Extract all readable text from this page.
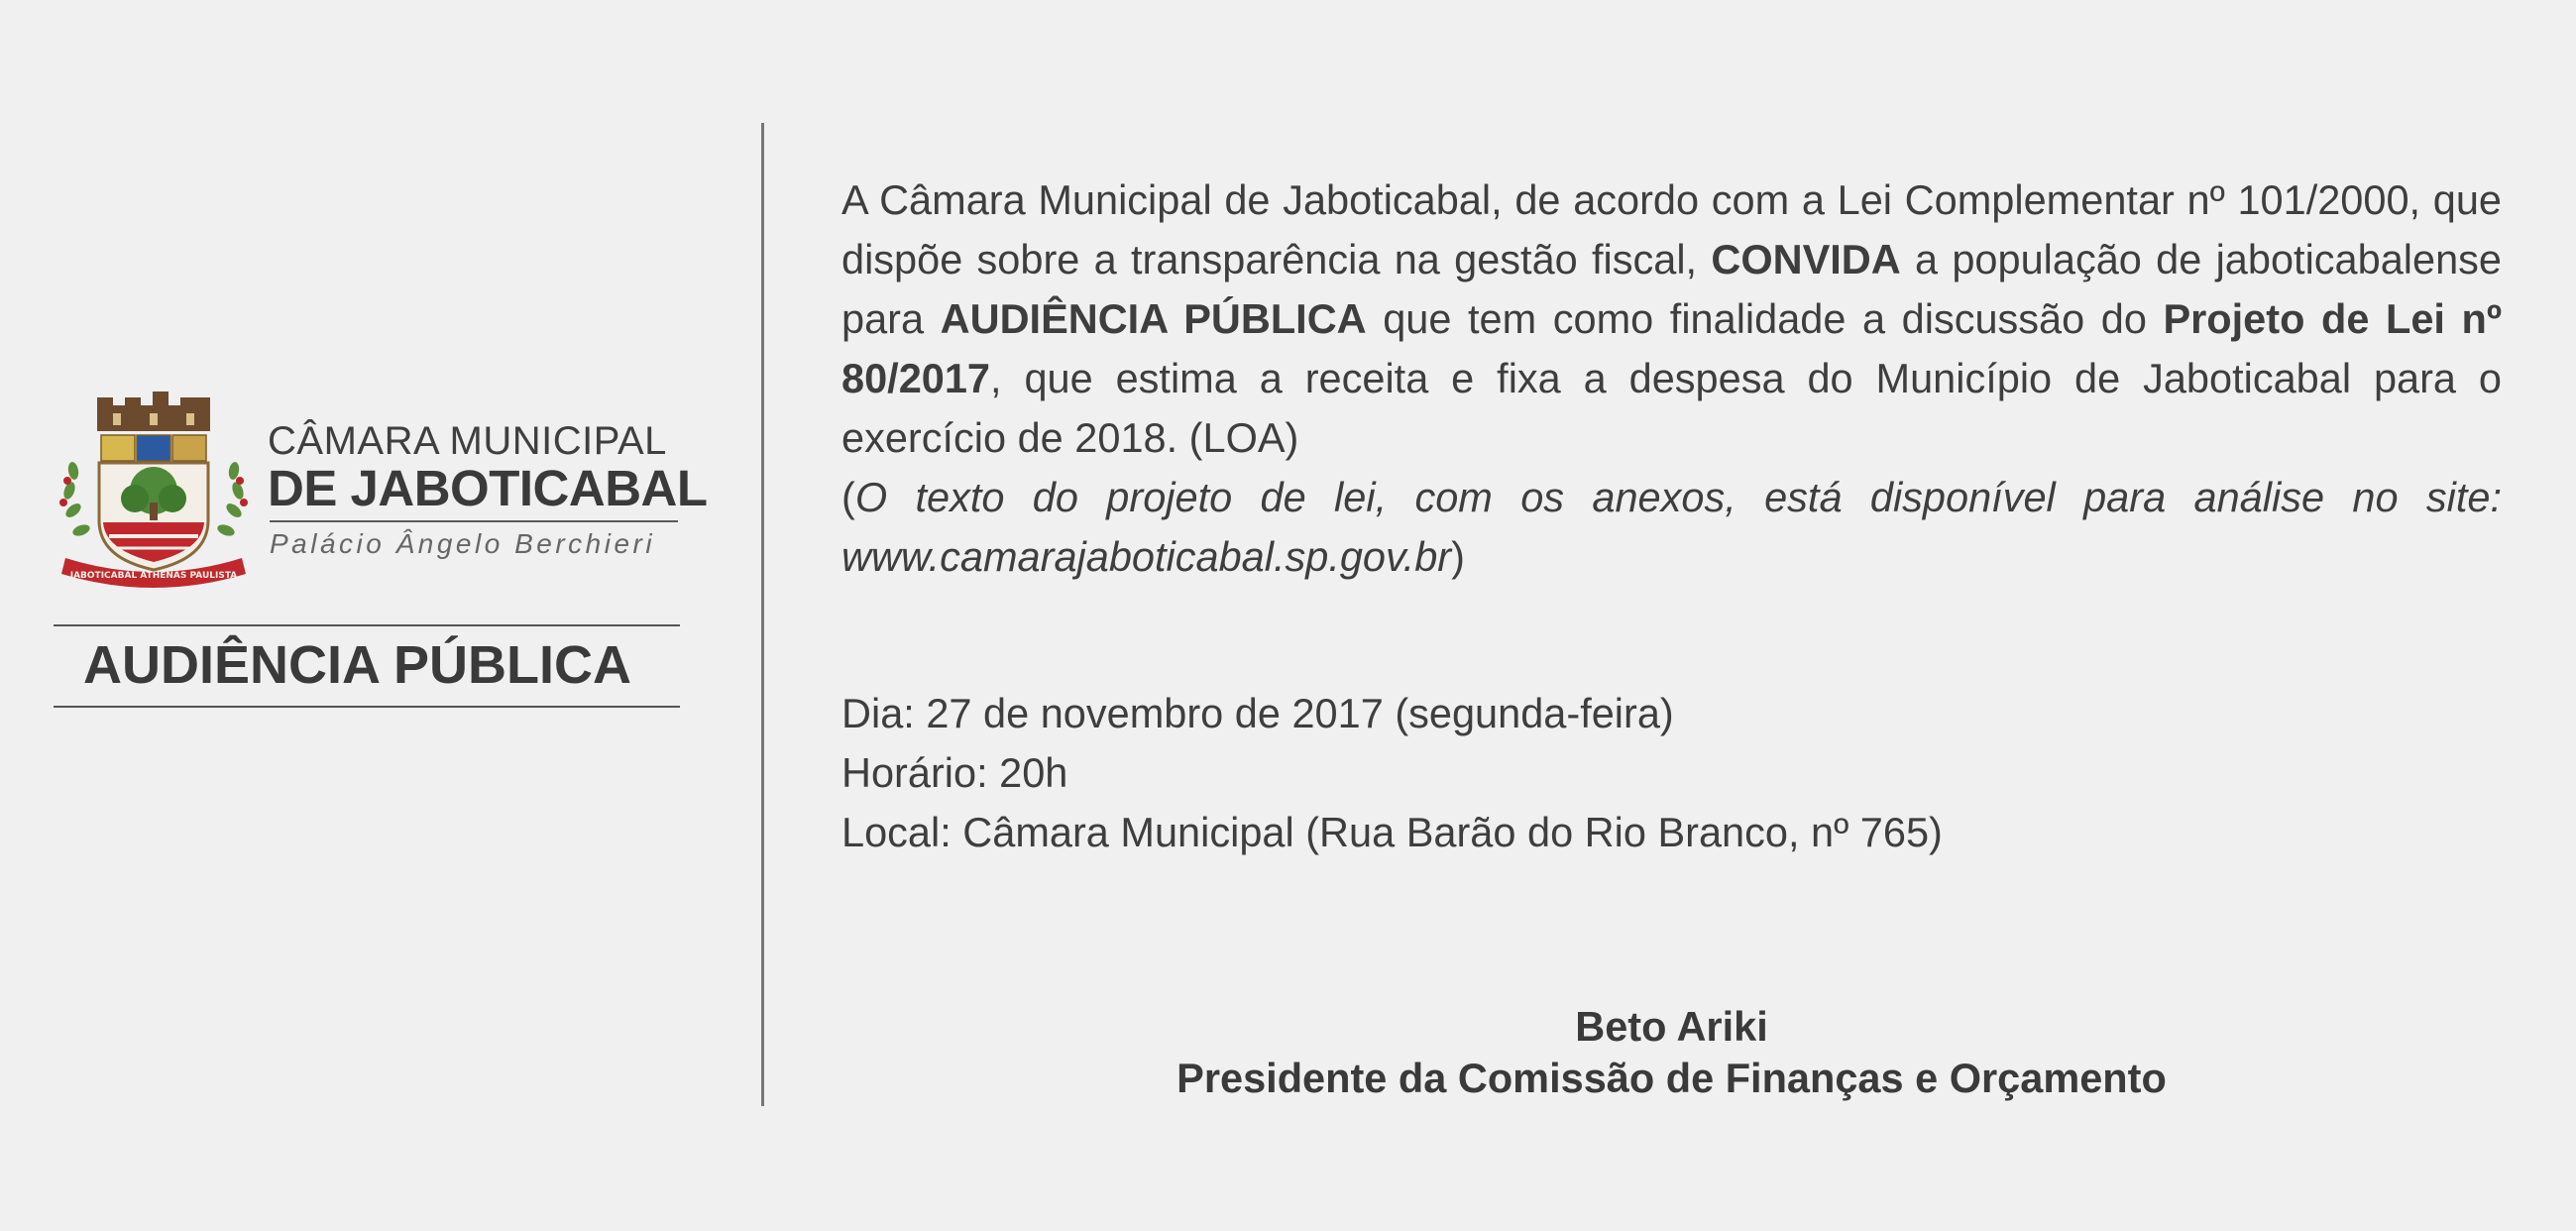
JABOTICABAL ATHENAS PAULISTA
CÂMARA MUNICIPAL
DE JABOTICABAL
Palácio Ângelo Berchieri
AUDIÊNCIA PÚBLICA

A Câmara Municipal de Jaboticabal, de acordo com a Lei Complementar nº 101/2000, que dispõe sobre a transparência na gestão fiscal, CONVIDA a população de jaboticabalense para AUDIÊNCIA PÚBLICA que tem como finalidade a discussão do Projeto de Lei nº 80/2017, que estima a receita e fixa a despesa do Município de Jaboticabal para o exercício de 2018. (LOA)

(O texto do projeto de lei, com os anexos, está disponível para análise no site: www.camarajaboticabal.sp.gov.br)

Dia: 27 de novembro de 2017 (segunda-feira)
Horário: 20h
Local: Câmara Municipal (Rua Barão do Rio Branco, nº 765)
Beto Ariki
Presidente da Comissão de Finanças e Orçamento
